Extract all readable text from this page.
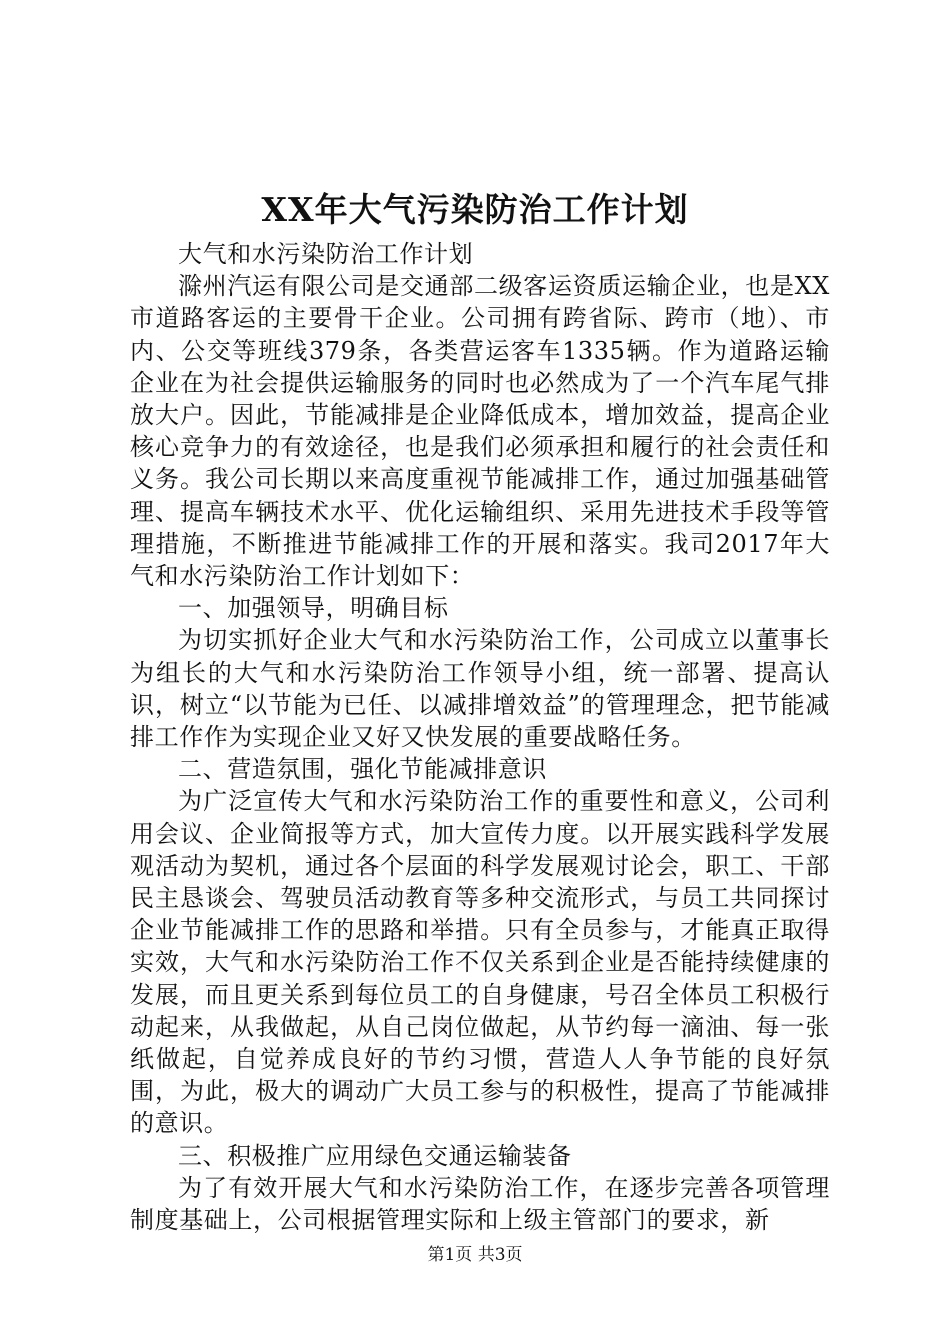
XX年大气污染防治工作计划

大气和水污染防治工作计划

滁州汽运有限公司是交通部二级客运资质运输企业，也是XX市道路客运的主要骨干企业。公司拥有跨省际、跨市（地）、市内、公交等班线379条，各类营运客车1335辆。作为道路运输企业在为社会提供运输服务的同时也必然成为了一个汽车尾气排放大户。因此，节能减排是企业降低成本，增加效益，提高企业核心竞争力的有效途径，也是我们必须承担和履行的社会责任和义务。我公司长期以来高度重视节能减排工作，通过加强基础管理、提高车辆技术水平、优化运输组织、采用先进技术手段等管理措施，不断推进节能减排工作的开展和落实。我司2017年大气和水污染防治工作计划如下：

一、加强领导，明确目标

为切实抓好企业大气和水污染防治工作，公司成立以董事长为组长的大气和水污染防治工作领导小组，统一部署、提高认识，树立“以节能为已任、以减排增效益”的管理理念，把节能减排工作作为实现企业又好又快发展的重要战略任务。

二、营造氛围，强化节能减排意识

为广泛宣传大气和水污染防治工作的重要性和意义，公司利用会议、企业简报等方式，加大宣传力度。以开展实践科学发展观活动为契机，通过各个层面的科学发展观讨论会，职工、干部民主恳谈会、驾驶员活动教育等多种交流形式，与员工共同探讨企业节能减排工作的思路和举措。只有全员参与，才能真正取得实效，大气和水污染防治工作不仅关系到企业是否能持续健康的发展，而且更关系到每位员工的自身健康，号召全体员工积极行动起来，从我做起，从自己岗位做起，从节约每一滴油、每一张纸做起，自觉养成良好的节约习惯，营造人人争节能的良好氛围，为此，极大的调动广大员工参与的积极性，提高了节能减排的意识。

三、积极推广应用绿色交通运输装备

为了有效开展大气和水污染防治工作，在逐步完善各项管理制度基础上，公司根据管理实际和上级主管部门的要求，新

第1页 共3页
